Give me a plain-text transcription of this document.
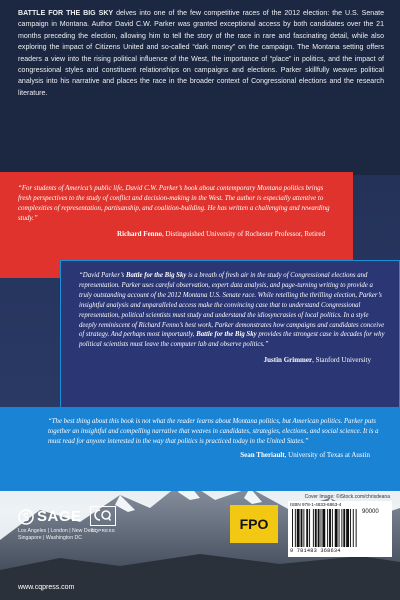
BATTLE FOR THE BIG SKY delves into one of the few competitive races of the 2012 election: the U.S. Senate campaign in Montana. Author David C.W. Parker was granted exceptional access by both candidates over the 21 months preceding the election, allowing him to tell the story of the race in rare and fascinating detail, while also exploring the impact of Citizens United and so-called “dark money” on the campaign. The Montana setting offers readers a view into the rising political influence of the West, the importance of “place” in politics, and the impact of congressional styles and constituent relationships on campaigns and elections. Parker skillfully weaves political analysis into his narrative and places the race in the broader context of Congressional elections and the research literature.

“For students of America’s public life, David C.W. Parker’s book about contemporary Montana politics brings fresh perspectives to the study of conflict and decision-making in the West. The author is especially attentive to complexities of representation, partisanship, and coalition-building. He has written a challenging and rewarding study.”

Richard Fenno, Distinguished University of Rochester Professor, Retired

“David Parker’s Battle for the Big Sky is a breath of fresh air in the study of Congressional elections and representation. Parker uses careful observation, expert data analysis, and page-turning writing to provide a truly outstanding account of the 2012 Montana U.S. Senate race. While retelling the thrilling election, Parker’s insightful analysis and unparalleled access make the convincing case that to understand Congressional representation, political scientists must study and understand the idiosyncrasies of local politics. In a style deeply reminiscent of Richard Fenno’s best work, Parker demonstrates how campaigns and candidates conceive of strategy. And perhaps most importantly, Battle for the Big Sky provides the strongest case in decades for why political scientists must leave the computer lab and observe politics.”

Justin Grimmer, Stanford University

“The best thing about this book is not what the reader learns about Montana politics, but American politics. Parker puts together an insightful and compelling narrative that weaves in candidates, strategies, elections, and social science. It is a must read for anyone interested in the way that politics is practiced today in the United States.”

Sean Theriault, University of Texas at Austin
Cover Image: ©iStock.com/chrisdeana
SAGE
Los Angeles | London | New Delhi
Singapore | Washington DC
CQPRESS	FPO
ISBN 978-1-4833-6863-4
90000
9 781483 368634
www.cqpress.com
